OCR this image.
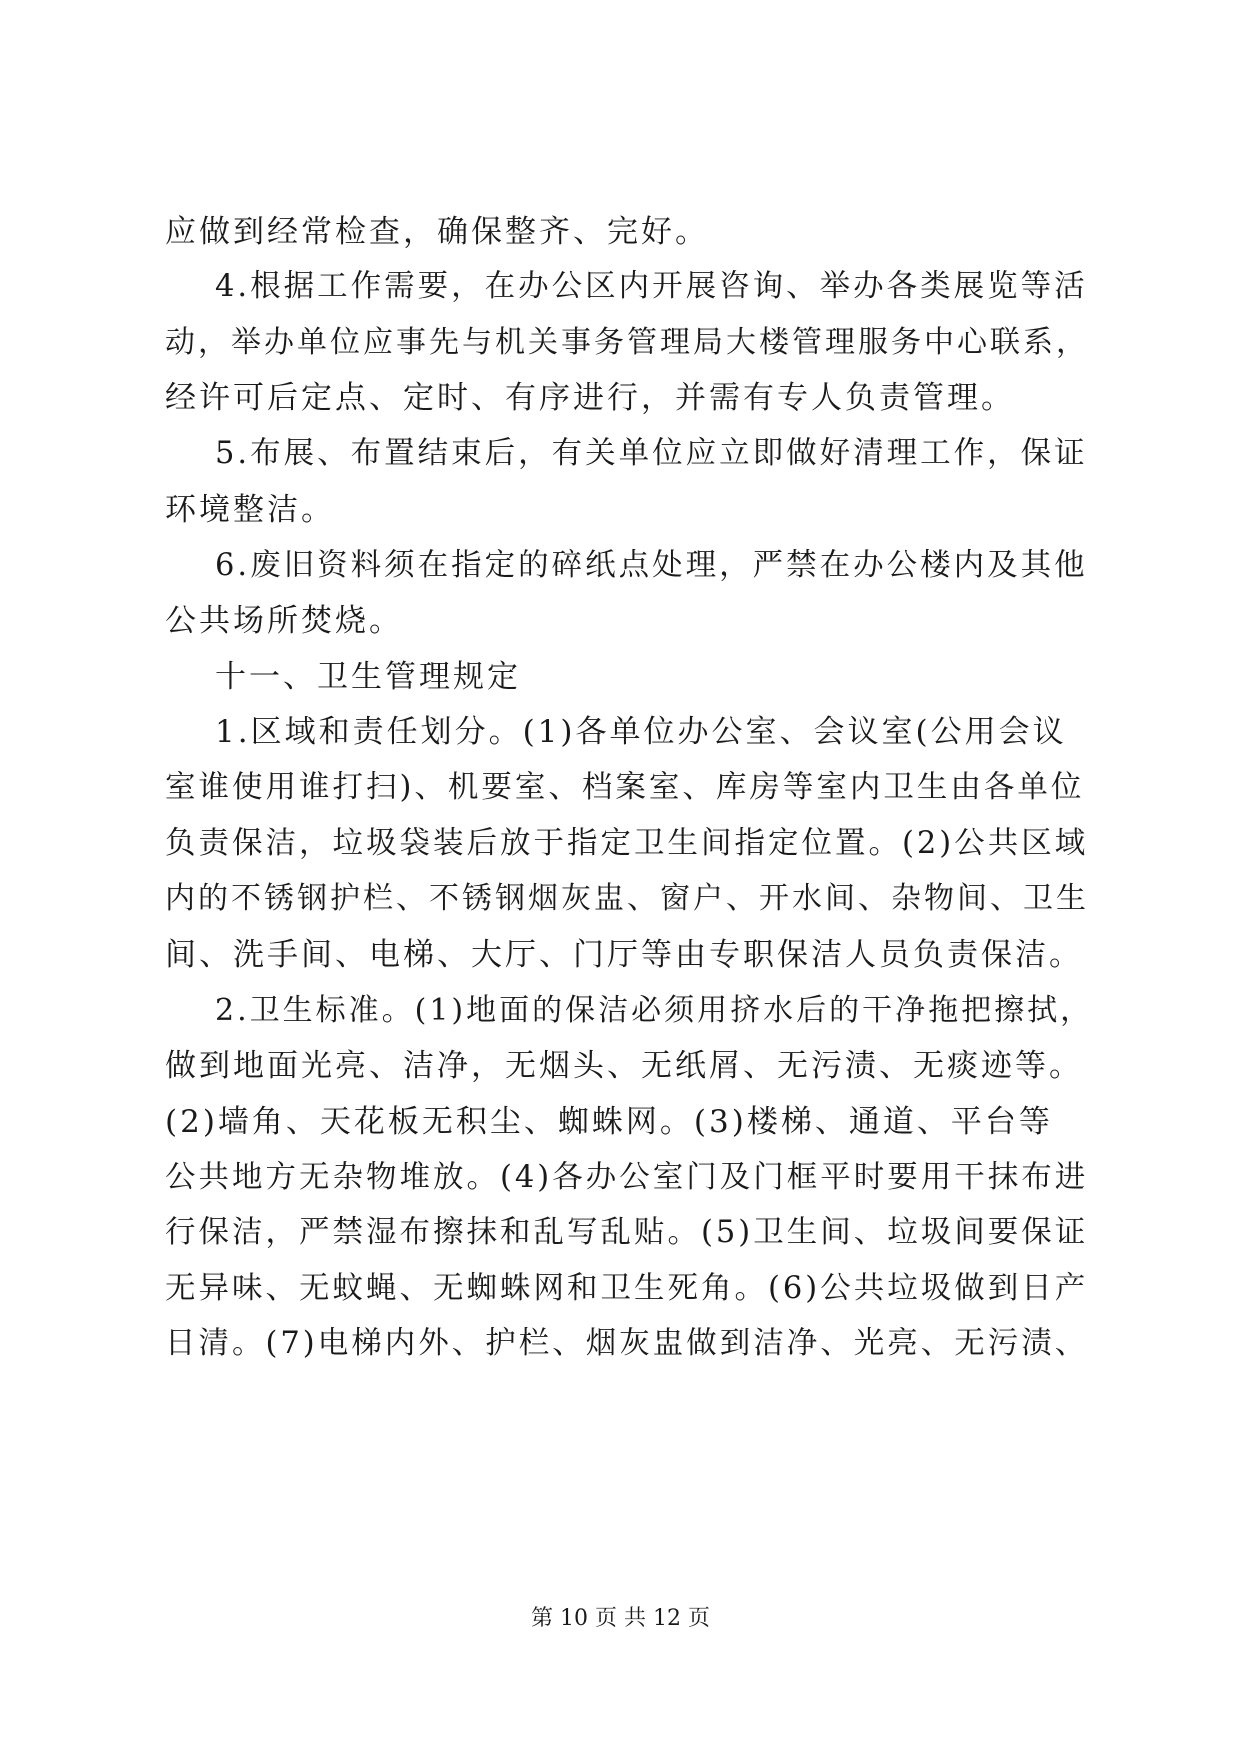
应做到经常检查，确保整齐、完好。
4.根据工作需要，在办公区内开展咨询、举办各类展览等活
动，举办单位应事先与机关事务管理局大楼管理服务中心联系，
经许可后定点、定时、有序进行，并需有专人负责管理。
5.布展、布置结束后，有关单位应立即做好清理工作，保证
环境整洁。
6.废旧资料须在指定的碎纸点处理，严禁在办公楼内及其他
公共场所焚烧。
十一、卫生管理规定
1.区域和责任划分。(1)各单位办公室、会议室(公用会议
室谁使用谁打扫)、机要室、档案室、库房等室内卫生由各单位
负责保洁，垃圾袋装后放于指定卫生间指定位置。(2)公共区域
内的不锈钢护栏、不锈钢烟灰盅、窗户、开水间、杂物间、卫生
间、洗手间、电梯、大厅、门厅等由专职保洁人员负责保洁。
2.卫生标准。(1)地面的保洁必须用挤水后的干净拖把擦拭，
做到地面光亮、洁净，无烟头、无纸屑、无污渍、无痰迹等。
(2)墙角、天花板无积尘、蜘蛛网。(3)楼梯、通道、平台等
公共地方无杂物堆放。(4)各办公室门及门框平时要用干抹布进
行保洁，严禁湿布擦抹和乱写乱贴。(5)卫生间、垃圾间要保证
无异味、无蚊蝇、无蜘蛛网和卫生死角。(6)公共垃圾做到日产
日清。(7)电梯内外、护栏、烟灰盅做到洁净、光亮、无污渍、
第 10 页 共 12 页
